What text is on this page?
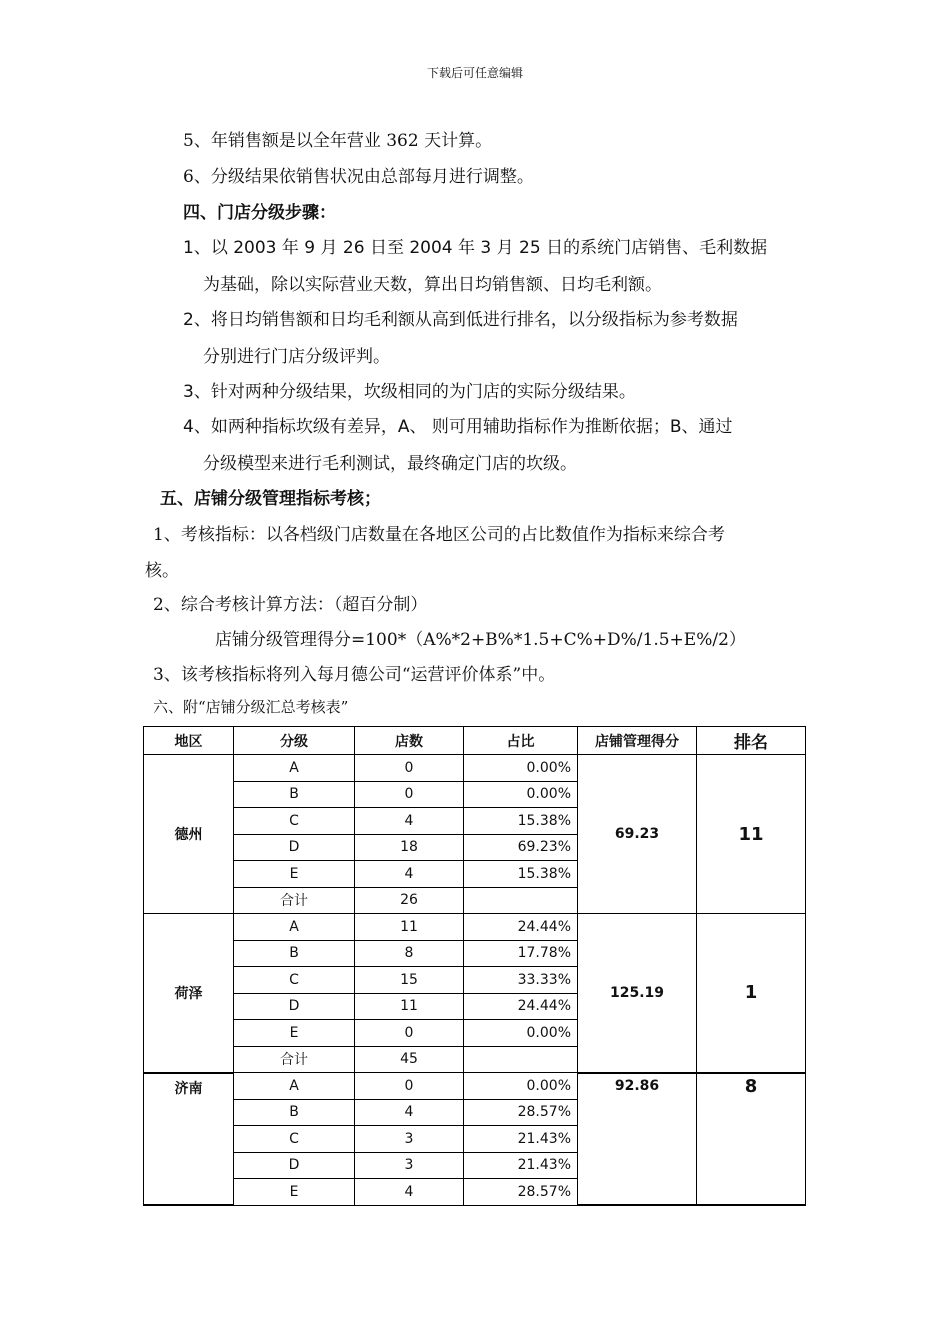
下载后可任意编辑
5、年销售额是以全年营业 362 天计算。
6、分级结果依销售状况由总部每月进行调整。
四、门店分级步骤：
1、以 2003 年 9 月 26 日至 2004 年 3 月 25 日的系统门店销售、毛利数据
为基础，除以实际营业天数，算出日均销售额、日均毛利额。
2、将日均销售额和日均毛利额从高到低进行排名，以分级指标为参考数据
分别进行门店分级评判。
3、针对两种分级结果，坎级相同的为门店的实际分级结果。
4、如两种指标坎级有差异，A、 则可用辅助指标作为推断依据；B、通过
分级模型来进行毛利测试，最终确定门店的坎级。
五、店铺分级管理指标考核；
1、考核指标：以各档级门店数量在各地区公司的占比数值作为指标来综合考
核。
2、综合考核计算方法：（超百分制）
店铺分级管理得分=100*（A%*2+B%*1.5+C%+D%/1.5+E%/2）
3、该考核指标将列入每月德公司“运营评价体系”中。
六、附“店铺分级汇总考核表”
地区	分级	店数	占比	店铺管理得分	排名
德州	A	0	0.00%	69.23	11
	B	0	0.00%		
	C	4	15.38%		
	D	18	69.23%		
	E	4	15.38%		
	合计	26			
荷泽	A	11	24.44%	125.19	1
	B	8	17.78%		
	C	15	33.33%		
	D	11	24.44%		
	E	0	0.00%		
	合计	45			
济南	A	0	0.00%	92.86	8
	B	4	28.57%		
	C	3	21.43%		
	D	3	21.43%		
	E	4	28.57%		
